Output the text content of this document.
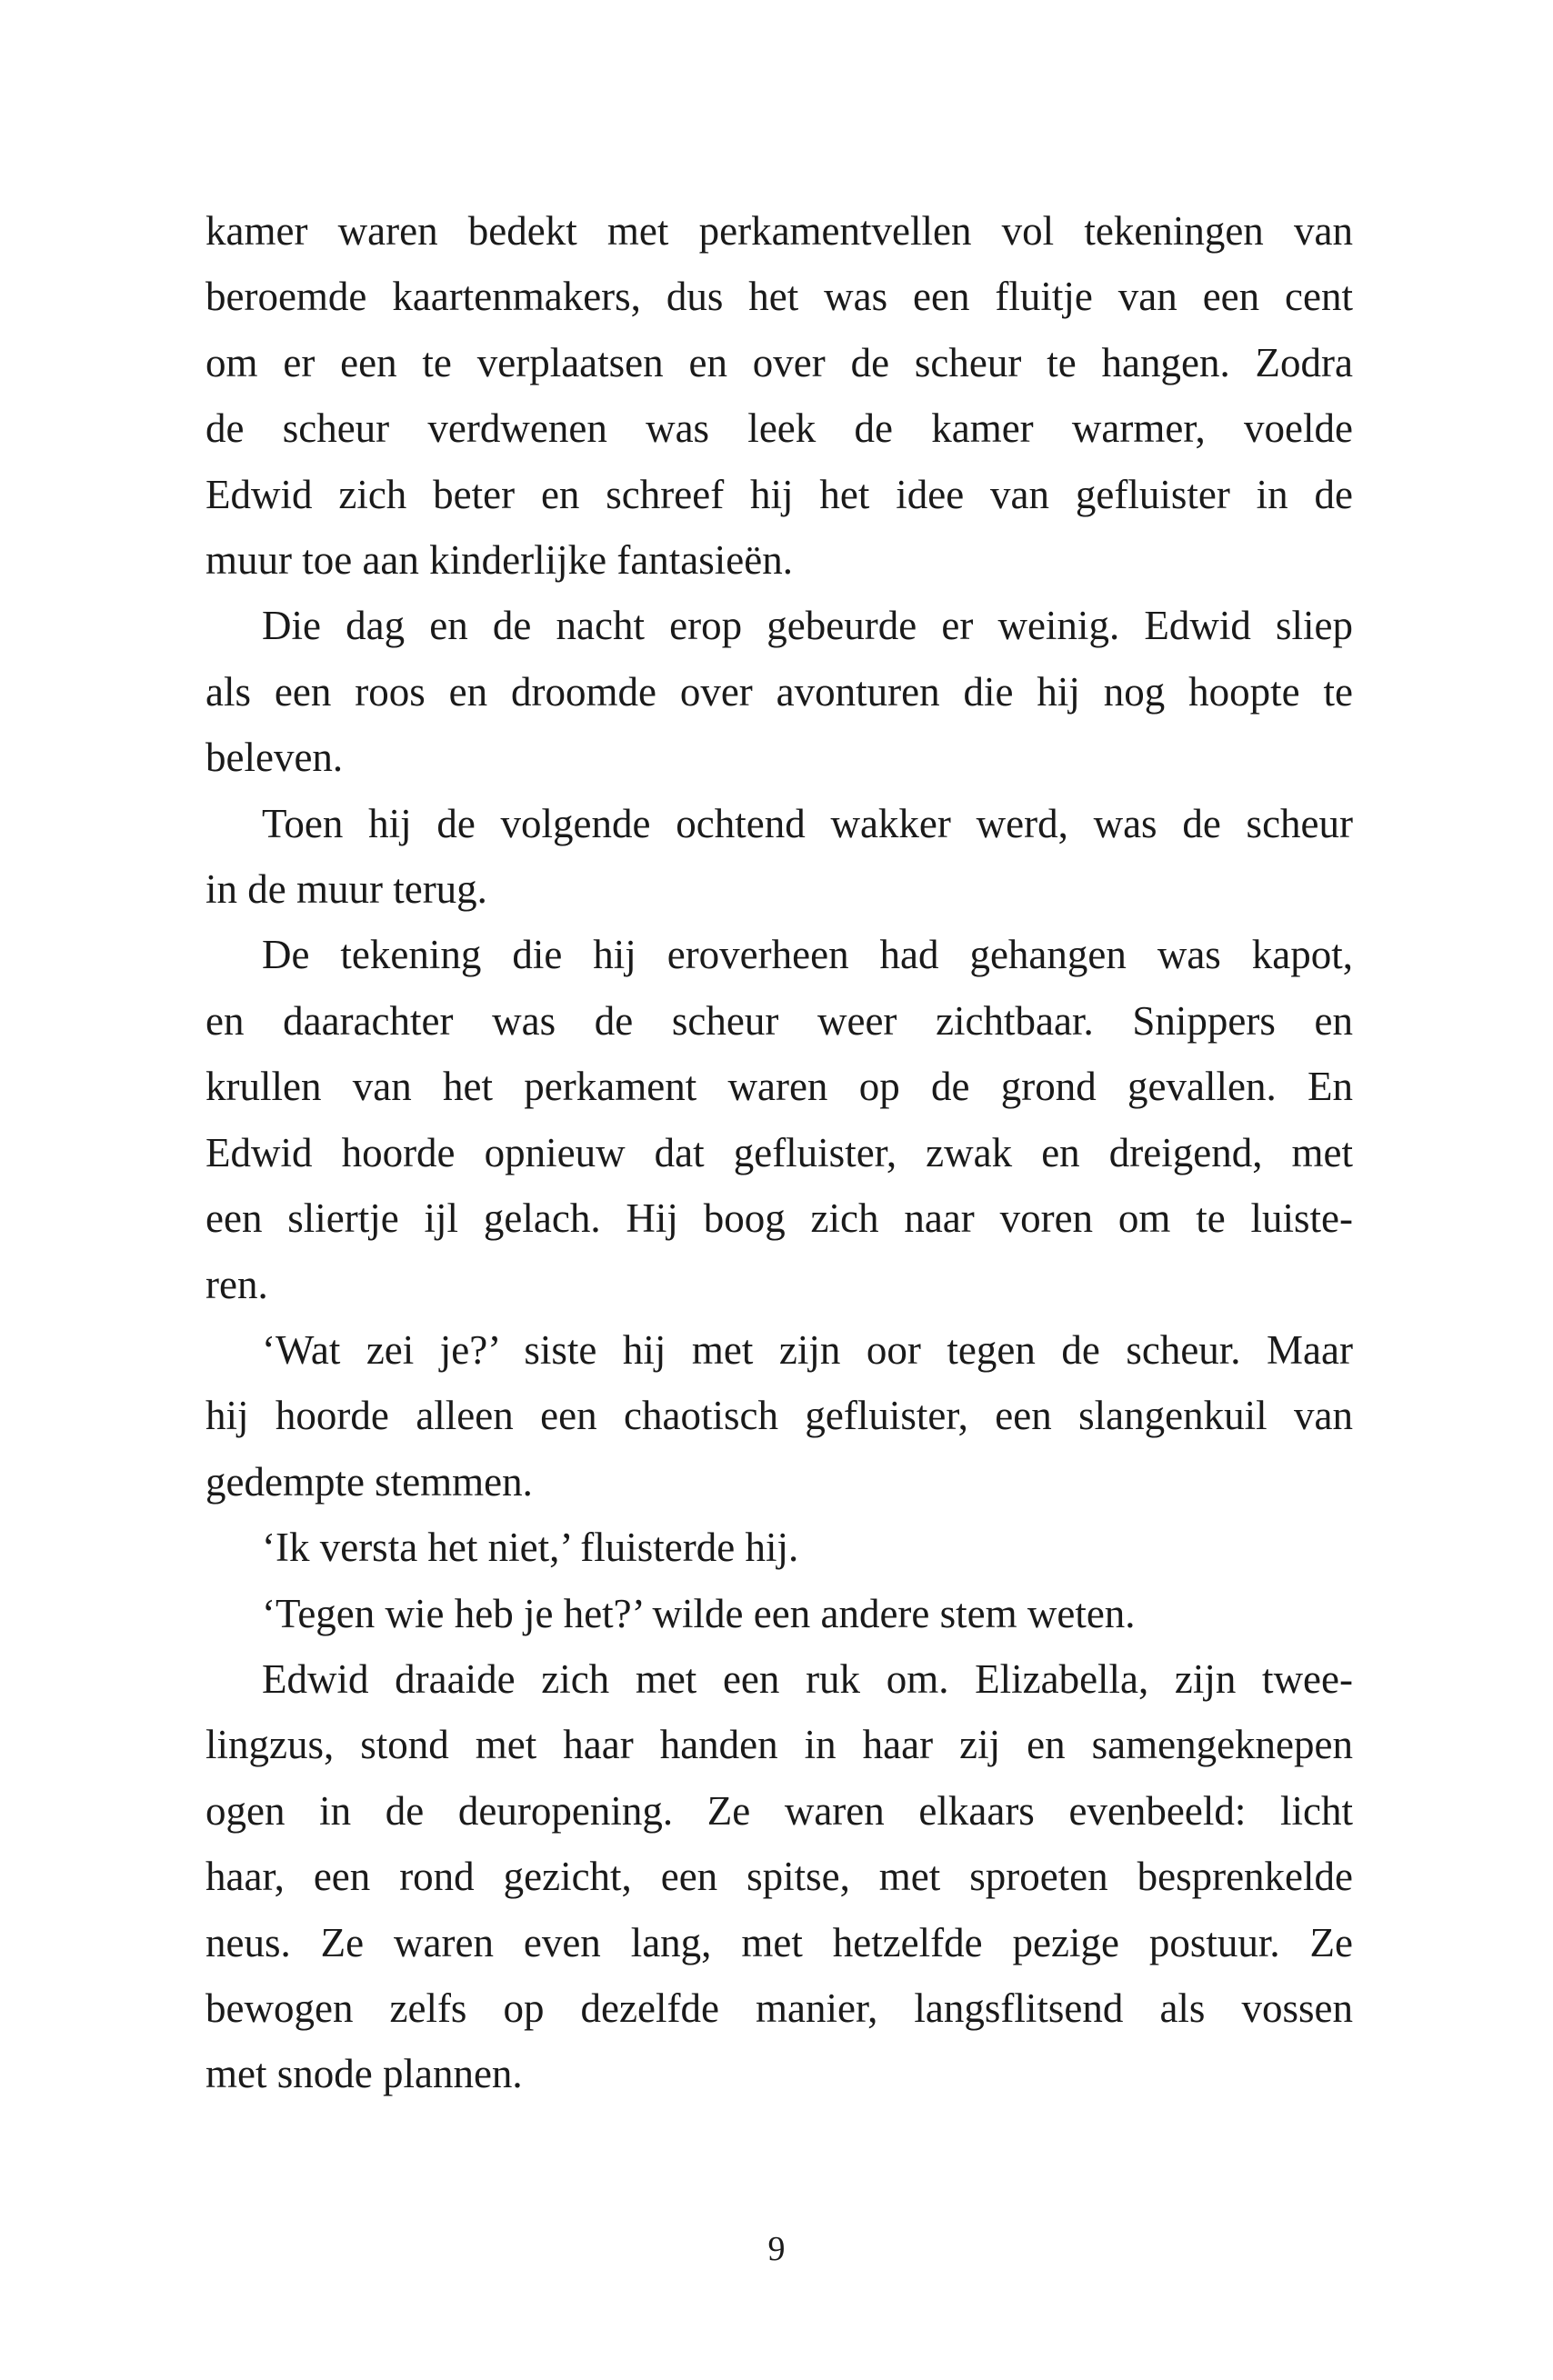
kamer waren bedekt met perkamentvellen vol tekeningen van
beroemde kaartenmakers, dus het was een fluitje van een cent
om er een te verplaatsen en over de scheur te hangen. Zodra
de scheur verdwenen was leek de kamer warmer, voelde
Edwid zich beter en schreef hij het idee van gefluister in de
muur toe aan kinderlijke fantasieën.

Die dag en de nacht erop gebeurde er weinig. Edwid sliep
als een roos en droomde over avonturen die hij nog hoopte te
beleven.

Toen hij de volgende ochtend wakker werd, was de scheur
in de muur terug.

De tekening die hij eroverheen had gehangen was kapot,
en daarachter was de scheur weer zichtbaar. Snippers en
krullen van het perkament waren op de grond gevallen. En
Edwid hoorde opnieuw dat gefluister, zwak en dreigend, met
een sliertje ijl gelach. Hij boog zich naar voren om te luiste-
ren.

‘Wat zei je?’ siste hij met zijn oor tegen de scheur. Maar
hij hoorde alleen een chaotisch gefluister, een slangenkuil van
gedempte stemmen.

‘Ik versta het niet,’ fluisterde hij.

‘Tegen wie heb je het?’ wilde een andere stem weten.

Edwid draaide zich met een ruk om. Elizabella, zijn twee-
lingzus, stond met haar handen in haar zij en samengeknepen
ogen in de deuropening. Ze waren elkaars evenbeeld: licht
haar, een rond gezicht, een spitse, met sproeten besprenkelde
neus. Ze waren even lang, met hetzelfde pezige postuur. Ze
bewogen zelfs op dezelfde manier, langsflitsend als vossen
met snode plannen.

9
